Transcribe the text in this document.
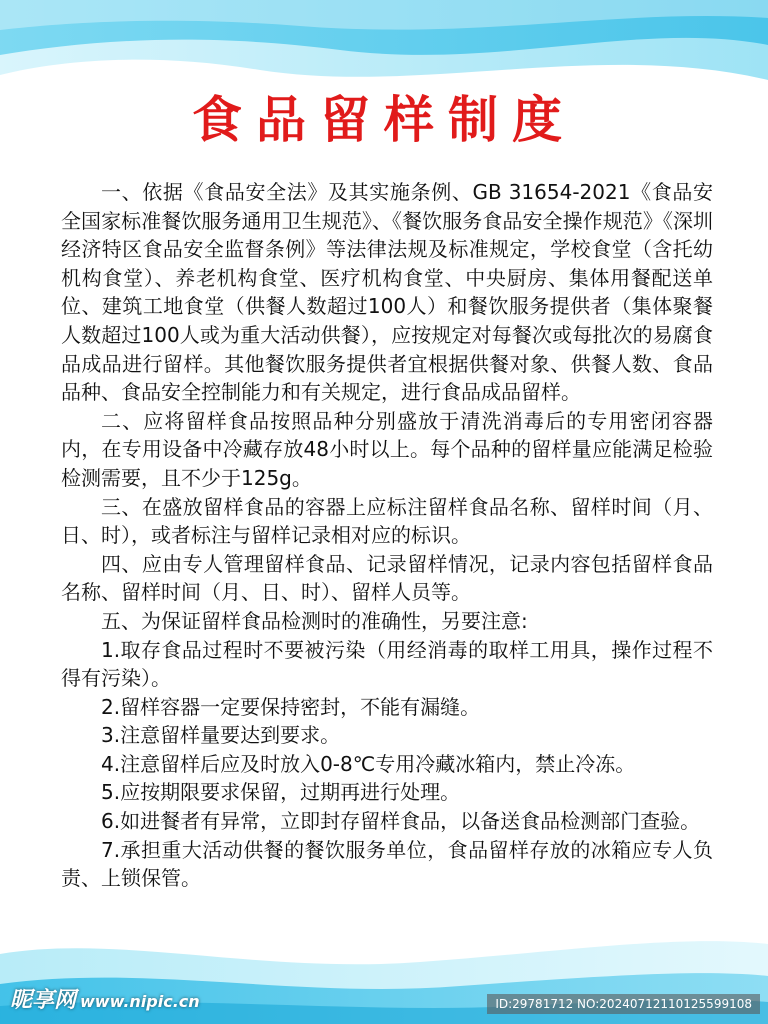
食品留样制度

一、依据《食品安全法》及其实施条例、GB 31654-2021《食品安全国家标准餐饮服务通用卫生规范》、《餐饮服务食品安全操作规范》《深圳经济特区食品安全监督条例》等法律法规及标准规定，学校食堂（含托幼机构食堂）、养老机构食堂、医疗机构食堂、中央厨房、集体用餐配送单位、建筑工地食堂（供餐人数超过100人）和餐饮服务提供者（集体聚餐人数超过100人或为重大活动供餐），应按规定对每餐次或每批次的易腐食品成品进行留样。其他餐饮服务提供者宜根据供餐对象、供餐人数、食品品种、食品安全控制能力和有关规定，进行食品成品留样。

二、应将留样食品按照品种分别盛放于清洗消毒后的专用密闭容器内，在专用设备中冷藏存放48小时以上。每个品种的留样量应能满足检验检测需要，且不少于125g。

三、在盛放留样食品的容器上应标注留样食品名称、留样时间（月、日、时），或者标注与留样记录相对应的标识。

四、应由专人管理留样食品、记录留样情况，记录内容包括留样食品名称、留样时间（月、日、时）、留样人员等。

五、为保证留样食品检测时的准确性，另要注意:

1.取存食品过程时不要被污染（用经消毒的取样工用具，操作过程不得有污染）。

2.留样容器一定要保持密封，不能有漏缝。

3.注意留样量要达到要求。

4.注意留样后应及时放入0-8℃专用冷藏冰箱内，禁止冷冻。

5.应按期限要求保留，过期再进行处理。

6.如进餐者有异常，立即封存留样食品，以备送食品检测部门查验。

7.承担重大活动供餐的餐饮服务单位，食品留样存放的冰箱应专人负责、上锁保管。

昵享网 www.nipic.cn	ID:29781712 NO:20240712110125599108
